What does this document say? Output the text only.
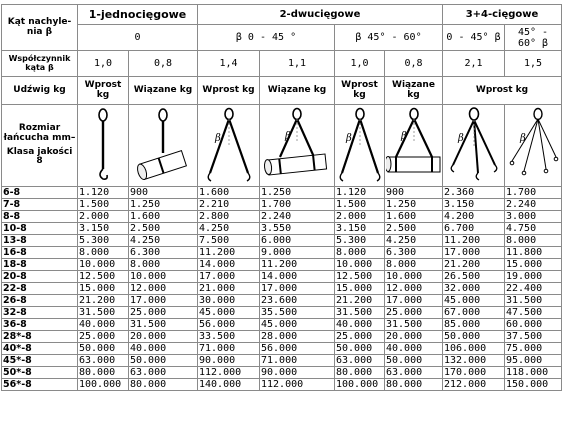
Kąt nachyle-nia β	1-jednocięgowe		2-dwucięgowe				3+4-cięgowe	
	0		β 0 - 45 °		β 45° - 60°		0 - 45° β	45° - 60° β
Współczynnik kąta β	1,0	0,8	1,4	1,1	1,0	0,8	2,1	1,5
Udźwig kg	Wprost kg	Wiązane kg	Wprost kg	Wiązane kg	Wprost kg	Wiązane kg	Wprost kg	

Rozmiar łańcucha mm–
Klasa jakości 8			β	β	β	β	β	β

6-8	1.120	900	1.600	1.250	1.120	900	2.360	1.700
7-8	1.500	1.250	2.210	1.700	1.500	1.250	3.150	2.240
8-8	2.000	1.600	2.800	2.240	2.000	1.600	4.200	3.000
10-8	3.150	2.500	4.250	3.550	3.150	2.500	6.700	4.750
13-8	5.300	4.250	7.500	6.000	5.300	4.250	11.200	8.000
16-8	8.000	6.300	11.200	9.000	8.000	6.300	17.000	11.800
18-8	10.000	8.000	14.000	11.200	10.000	8.000	21.200	15.000
20-8	12.500	10.000	17.000	14.000	12.500	10.000	26.500	19.000
22-8	15.000	12.000	21.000	17.000	15.000	12.000	32.000	22.400
26-8	21.200	17.000	30.000	23.600	21.200	17.000	45.000	31.500
32-8	31.500	25.000	45.000	35.500	31.500	25.000	67.000	47.500
36-8	40.000	31.500	56.000	45.000	40.000	31.500	85.000	60.000
28*-8	25.000	20.000	33.500	28.000	25.000	20.000	50.000	37.500
40*-8	50.000	40.000	71.000	56.000	50.000	40.000	106.000	75.000
45*-8	63.000	50.000	90.000	71.000	63.000	50.000	132.000	95.000
50*-8	80.000	63.000	112.000	90.000	80.000	63.000	170.000	118.000
56*-8	100.000	80.000	140.000	112.000	100.000	80.000	212.000	150.000
